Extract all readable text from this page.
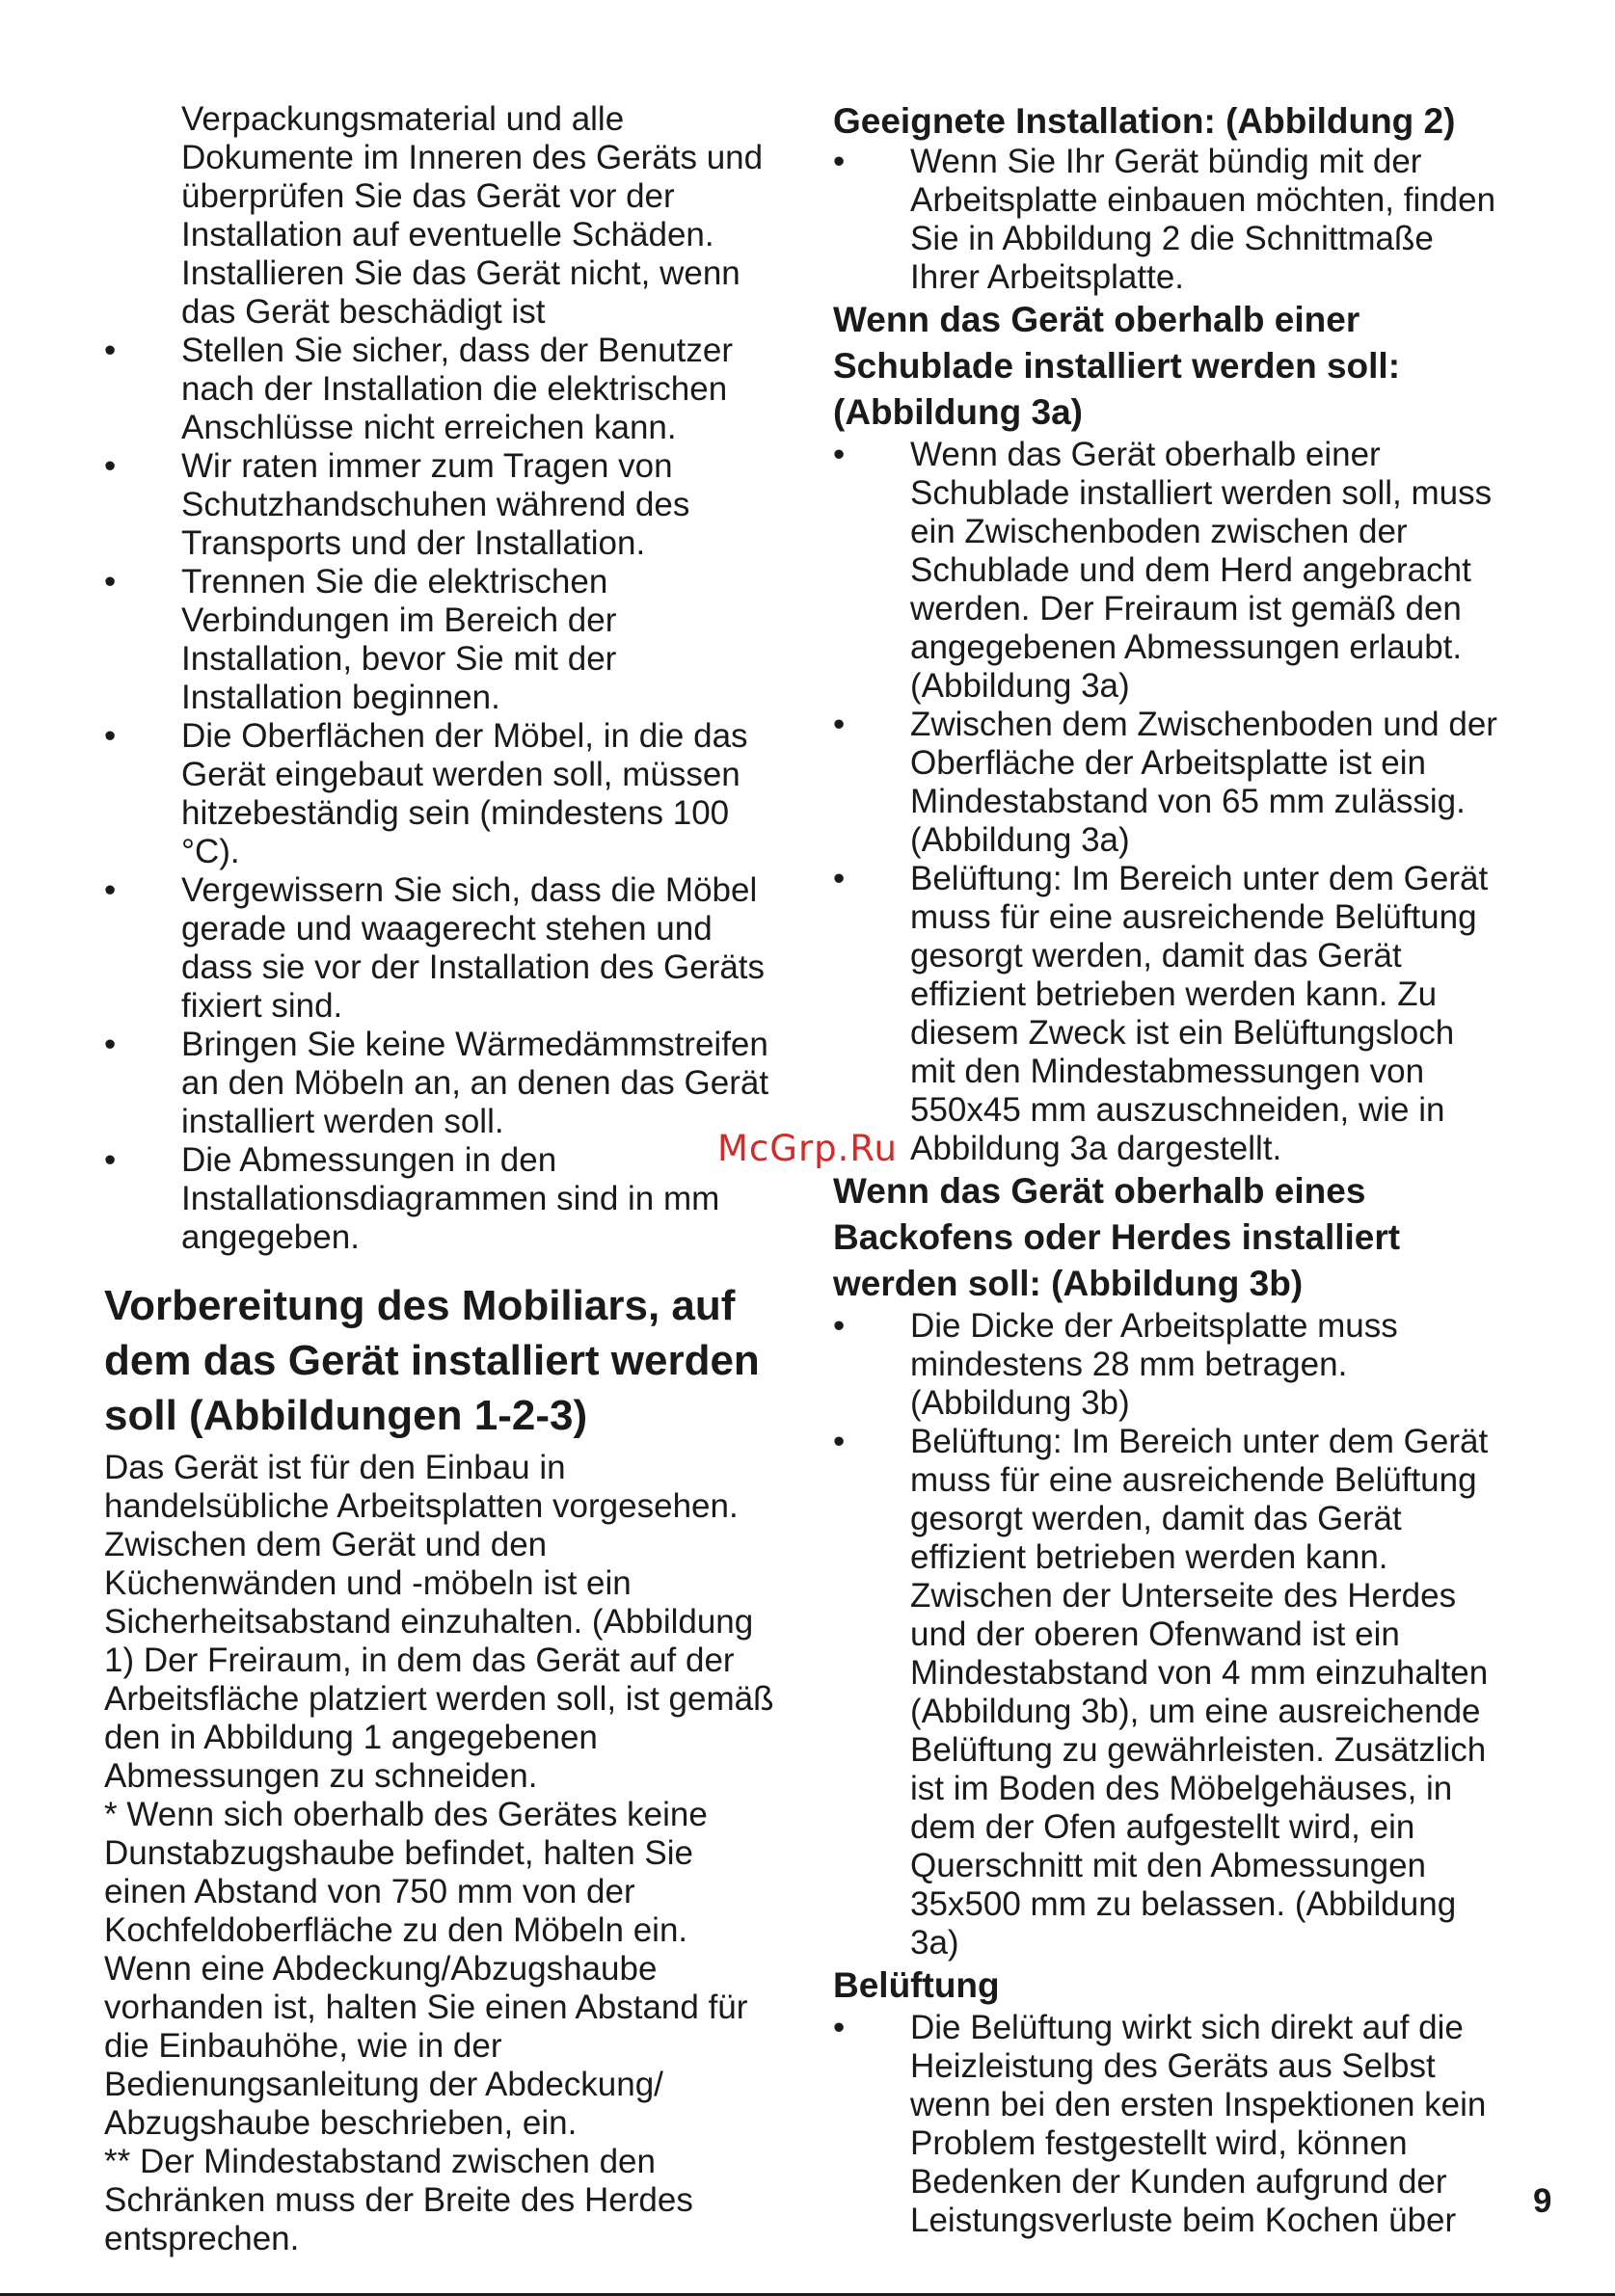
Verpackungsmaterial und alle Dokumente im Inneren des Geräts und überprüfen Sie das Gerät vor der Installation auf eventuelle Schäden. Installieren Sie das Gerät nicht, wenn das Gerät beschädigt ist

•	Stellen Sie sicher, dass der Benutzer nach der Installation die elektrischen Anschlüsse nicht erreichen kann.
•	Wir raten immer zum Tragen von Schutzhandschuhen während des Transports und der Installation.
•	Trennen Sie die elektrischen Verbindungen im Bereich der Installation, bevor Sie mit der Installation beginnen.
•	Die Oberflächen der Möbel, in die das Gerät eingebaut werden soll, müssen hitzebeständig sein (mindestens 100 °C).
•	Vergewissern Sie sich, dass die Möbel gerade und waagerecht stehen und dass sie vor der Installation des Geräts fixiert sind.
•	Bringen Sie keine Wärmedämmstreifen an den Möbeln an, an denen das Gerät installiert werden soll.
•	Die Abmessungen in den Installationsdiagrammen sind in mm angegeben.
Vorbereitung des Mobiliars, auf dem das Gerät installiert werden soll (Abbildungen 1-2-3)

Das Gerät ist für den Einbau in handelsübliche Arbeitsplatten vorgesehen. Zwischen dem Gerät und den Küchenwänden und -möbeln ist ein Sicherheitsabstand einzuhalten. (Abbildung 1) Der Freiraum, in dem das Gerät auf der Arbeitsfläche platziert werden soll, ist gemäß den in Abbildung 1 angegebenen Abmessungen zu schneiden.

* Wenn sich oberhalb des Gerätes keine Dunstabzugshaube befindet, halten Sie einen Abstand von 750 mm von der Kochfeldoberfläche zu den Möbeln ein. Wenn eine Abdeckung/Abzugshaube vorhanden ist, halten Sie einen Abstand für die Einbauhöhe, wie in der Bedienungsanleitung der Abdeckung/ Abzugshaube beschrieben, ein.

** Der Mindestabstand zwischen den Schränken muss der Breite des Herdes entsprechen.

Geeignete Installation: (Abbildung 2)
•	Wenn Sie Ihr Gerät bündig mit der Arbeitsplatte einbauen möchten, finden Sie in Abbildung 2 die Schnittmaße Ihrer Arbeitsplatte.
Wenn das Gerät oberhalb einer Schublade installiert werden soll: (Abbildung 3a)
•	Wenn das Gerät oberhalb einer Schublade installiert werden soll, muss ein Zwischenboden zwischen der Schublade und dem Herd angebracht werden. Der Freiraum ist gemäß den angegebenen Abmessungen erlaubt. (Abbildung 3a)
•	Zwischen dem Zwischenboden und der Oberfläche der Arbeitsplatte ist ein Mindestabstand von 65 mm zulässig. (Abbildung 3a)
•	Belüftung: Im Bereich unter dem Gerät muss für eine ausreichende Belüftung gesorgt werden, damit das Gerät effizient betrieben werden kann. Zu diesem Zweck ist ein Belüftungsloch mit den Mindestabmessungen von 550x45 mm auszuschneiden, wie in Abbildung 3a dargestellt.
Wenn das Gerät oberhalb eines Backofens oder Herdes installiert werden soll: (Abbildung 3b)
•	Die Dicke der Arbeitsplatte muss mindestens 28 mm betragen. (Abbildung 3b)
•	Belüftung: Im Bereich unter dem Gerät muss für eine ausreichende Belüftung gesorgt werden, damit das Gerät effizient betrieben werden kann. Zwischen der Unterseite des Herdes und der oberen Ofenwand ist ein Mindestabstand von 4 mm einzuhalten (Abbildung 3b), um eine ausreichende Belüftung zu gewährleisten. Zusätzlich ist im Boden des Möbelgehäuses, in dem der Ofen aufgestellt wird, ein Querschnitt mit den Abmessungen 35x500 mm zu belassen. (Abbildung 3a)
Belüftung
•	Die Belüftung wirkt sich direkt auf die Heizleistung des Geräts aus Selbst wenn bei den ersten Inspektionen kein Problem festgestellt wird, können Bedenken der Kunden aufgrund der Leistungsverluste beim Kochen über
McGrp.Ru
9
